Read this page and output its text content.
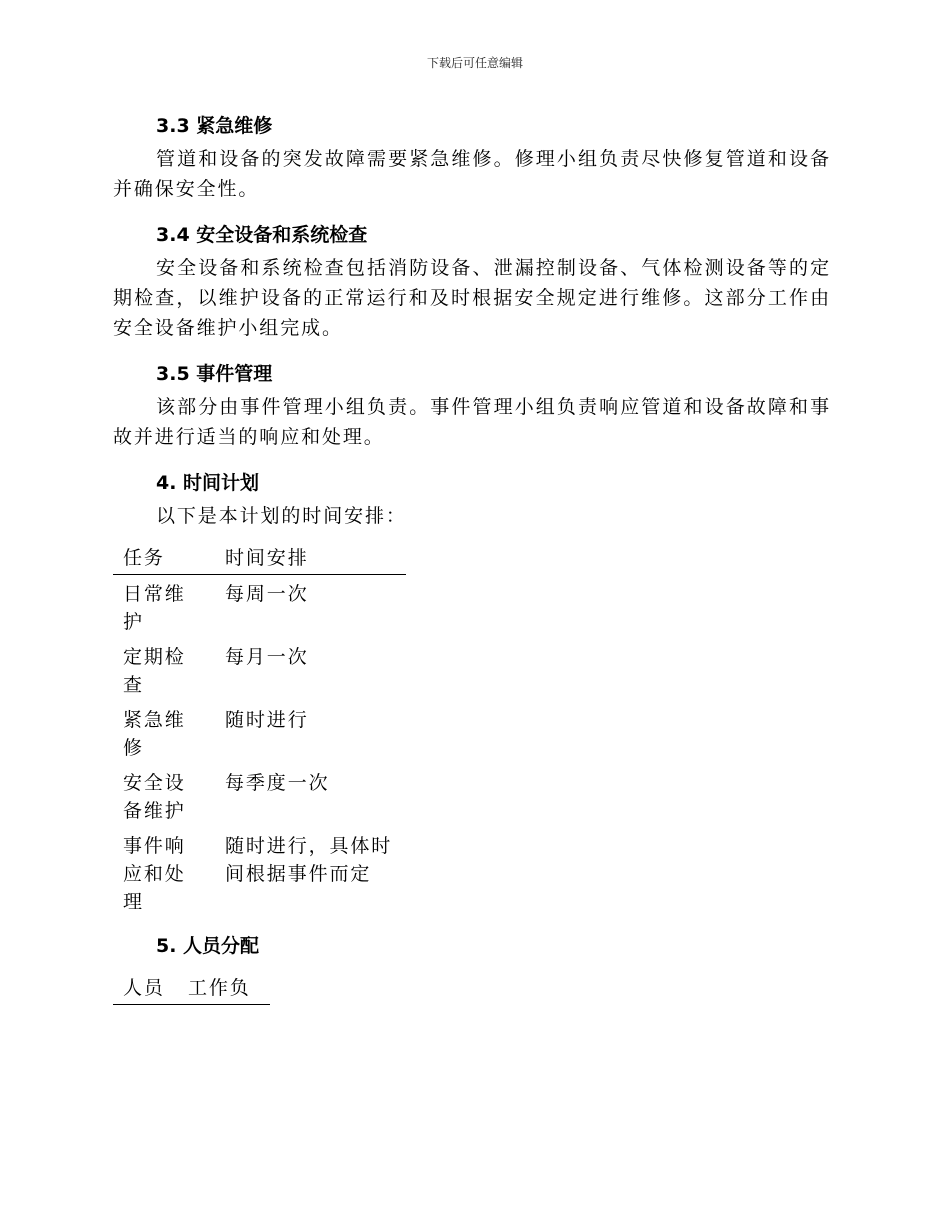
下载后可任意编辑
3.3 紧急维修

管道和设备的突发故障需要紧急维修。修理小组负责尽快修复管道和设备并确保安全性。

3.4 安全设备和系统检查

安全设备和系统检查包括消防设备、泄漏控制设备、气体检测设备等的定期检查，以维护设备的正常运行和及时根据安全规定进行维修。这部分工作由安全设备维护小组完成。

3.5 事件管理

该部分由事件管理小组负责。事件管理小组负责响应管道和设备故障和事故并进行适当的响应和处理。

4. 时间计划

以下是本计划的时间安排：

任务	时间安排
日常维护	每周一次
定期检查	每月一次
紧急维修	随时进行
安全设备维护	每季度一次
事件响应和处理	随时进行，具体时间根据事件而定
5. 人员分配
人员	工作负
